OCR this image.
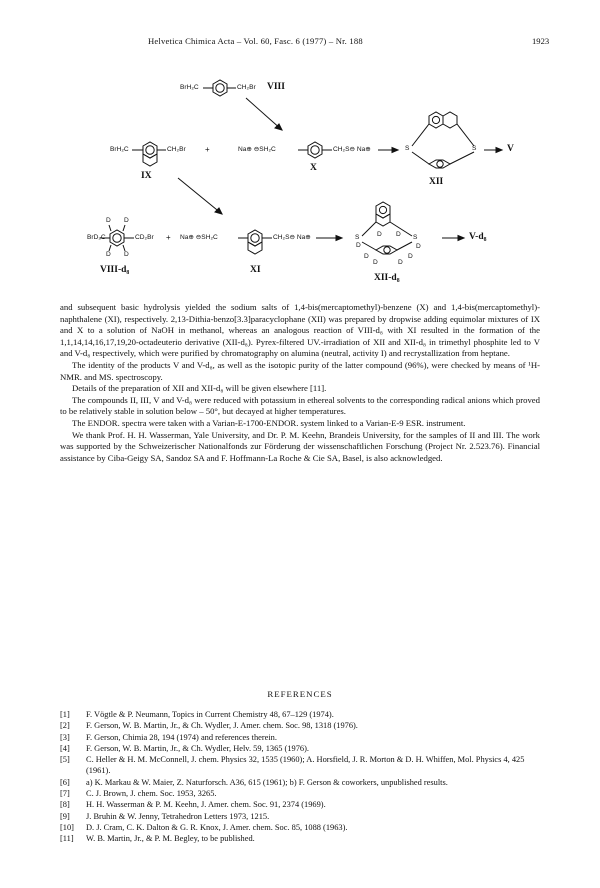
Helvetica Chimica Acta – Vol. 60, Fasc. 6 (1977) – Nr. 188	1923
BrH₂C	CH₂Br VIII
BrH₂C	CH₂Br
IX
+	Na⊕ ⊖SH₂C	CH₂S⊖ Na⊕
X
S	S
XII
V
BrD₂C	CD₂Br
D D
D D
VIII-d₈
+ Na⊕ ⊖SH₂C	CH₂S⊖ Na⊕
XI
S	S
D
D D
D
D
D	D
D
XII-d₈
V-d₈

and subsequent basic hydrolysis yielded the sodium salts of 1,4-bis(mercaptomethyl)-benzene (X) and 1,4-bis(mercaptomethyl)-naphthalene (XI), respectively. 2,13-Dithia-benzo[3.3]paracyclophane (XII) was prepared by dropwise adding equimolar mixtures of IX and X to a solution of NaOH in methanol, whereas an analogous reaction of VIII-d₈ with XI resulted in the formation of the 1,1,14,14,16,17,19,20-octadeuterio derivative (XII-d₈). Pyrex-filtered UV.-irradiation of XII and XII-d₈ in trimethyl phosphite led to V and V-d₈ respectively, which were purified by chromatography on alumina (neutral, activity I) and recrystallization from heptane.

The identity of the products V and V-d₈, as well as the isotopic purity of the latter compound (96%), were checked by means of ¹H-NMR. and MS. spectroscopy.

Details of the preparation of XII and XII-d₈ will be given elsewhere [11].

The compounds II, III, V and V-d₈ were reduced with potassium in ethereal solvents to the corresponding radical anions which proved to be relatively stable in solution below – 50°, but decayed at higher temperatures.

The ENDOR. spectra were taken with a Varian-E-1700-ENDOR. system linked to a Varian-E-9 ESR. instrument.

We thank Prof. H. H. Wasserman, Yale University, and Dr. P. M. Keehn, Brandeis University, for the samples of II and III. The work was supported by the Schweizerischer Nationalfonds zur Förderung der wissenschaftlichen Forschung (Project Nr. 2.523.76). Financial assistance by Ciba-Geigy SA, Sandoz SA and F. Hoffmann-La Roche & Cie SA, Basel, is also acknowledged.

REFERENCES
[1]	F. Vögtle & P. Neumann, Topics in Current Chemistry 48, 67–129 (1974).
[2]	F. Gerson, W. B. Martin, Jr., & Ch. Wydler, J. Amer. chem. Soc. 98, 1318 (1976).
[3]	F. Gerson, Chimia 28, 194 (1974) and references therein.
[4]	F. Gerson, W. B. Martin, Jr., & Ch. Wydler, Helv. 59, 1365 (1976).
[5]	C. Heller & H. M. McConnell, J. chem. Physics 32, 1535 (1960); A. Horsfield, J. R. Morton & D. H. Whiffen, Mol. Physics 4, 425 (1961).
[6]	a) K. Markau & W. Maier, Z. Naturforsch. A36, 615 (1961); b) F. Gerson & coworkers, unpublished results.
[7]	C. J. Brown, J. chem. Soc. 1953, 3265.
[8]	H. H. Wasserman & P. M. Keehn, J. Amer. chem. Soc. 91, 2374 (1969).
[9]	J. Bruhin & W. Jenny, Tetrahedron Letters 1973, 1215.
[10]	D. J. Cram, C. K. Dalton & G. R. Knox, J. Amer. chem. Soc. 85, 1088 (1963).
[11]	W. B. Martin, Jr., & P. M. Begley, to be published.
